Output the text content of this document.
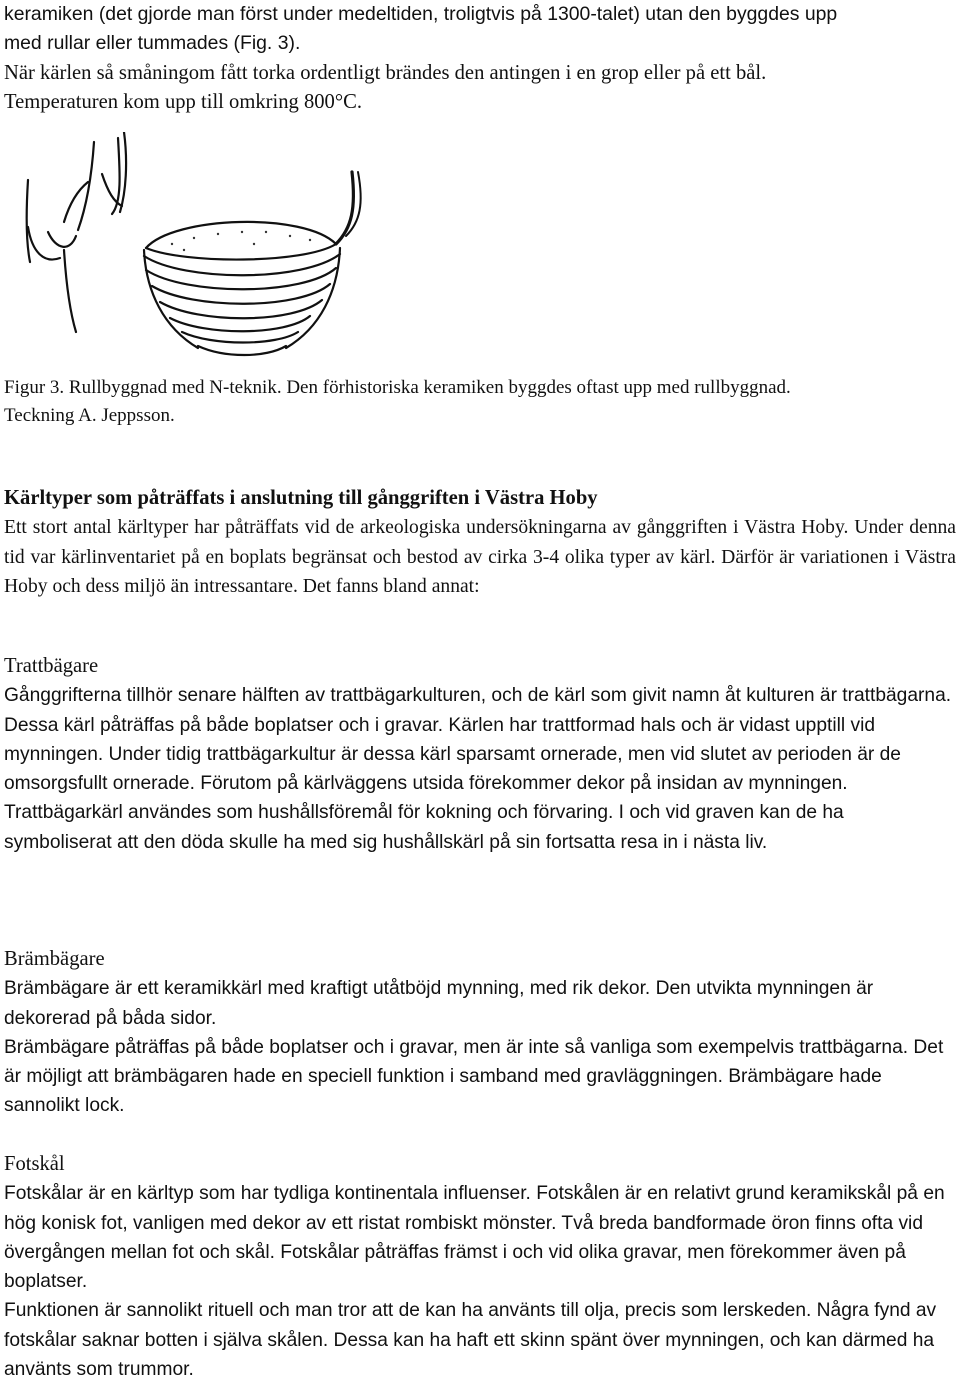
keramiken (det gjorde man först under medeltiden, troligtvis på 1300-talet) utan den byggdes upp

med rullar eller tummades (Fig. 3).

När kärlen så småningom fått torka ordentligt brändes den antingen i en grop eller på ett bål.

Temperaturen kom upp till omkring 800°C.

Figur 3. Rullbyggnad med N-teknik. Den förhistoriska keramiken byggdes oftast upp med rullbyggnad.
Teckning A. Jeppsson.

Kärltyper som påträffats i anslutning till gånggriften i Västra Hoby

Ett stort antal kärltyper har påträffats vid de arkeologiska undersökningarna av gånggriften i Västra Hoby. Under denna tid var kärlinventariet på en boplats begränsat och bestod av cirka 3-4 olika typer av kärl. Därför är variationen i Västra Hoby och dess miljö än intressantare. Det fanns bland annat:

Trattbägare

Gånggrifterna tillhör senare hälften av trattbägarkulturen, och de kärl som givit namn åt kulturen är trattbägarna. Dessa kärl påträffas på både boplatser och i gravar. Kärlen har trattformad hals och är vidast upptill vid mynningen. Under tidig trattbägarkultur är dessa kärl sparsamt ornerade, men vid slutet av perioden är de omsorgsfullt ornerade. Förutom på kärlväggens utsida förekommer dekor på insidan av mynningen.

Trattbägarkärl användes som hushållsföremål för kokning och förvaring. I och vid graven kan de ha symboliserat att den döda skulle ha med sig hushållskärl på sin fortsatta resa in i nästa liv.

Brämbägare

Brämbägare är ett keramikkärl med kraftigt utåtböjd mynning, med rik dekor. Den utvikta mynningen är dekorerad på båda sidor.

Brämbägare påträffas på både boplatser och i gravar, men är inte så vanliga som exempelvis trattbägarna. Det är möjligt att brämbägaren hade en speciell funktion i samband med gravläggningen. Brämbägare hade sannolikt lock.

Fotskål

Fotskålar är en kärltyp som har tydliga kontinentala influenser. Fotskålen är en relativt grund keramikskål på en hög konisk fot, vanligen med dekor av ett ristat rombiskt mönster. Två breda bandformade öron finns ofta vid övergången mellan fot och skål. Fotskålar påträffas främst i och vid olika gravar, men förekommer även på boplatser.

Funktionen är sannolikt rituell och man tror att de kan ha använts till olja, precis som lerskeden. Några fynd av fotskålar saknar botten i själva skålen. Dessa kan ha haft ett skinn spänt över mynningen, och kan därmed ha använts som trummor.
